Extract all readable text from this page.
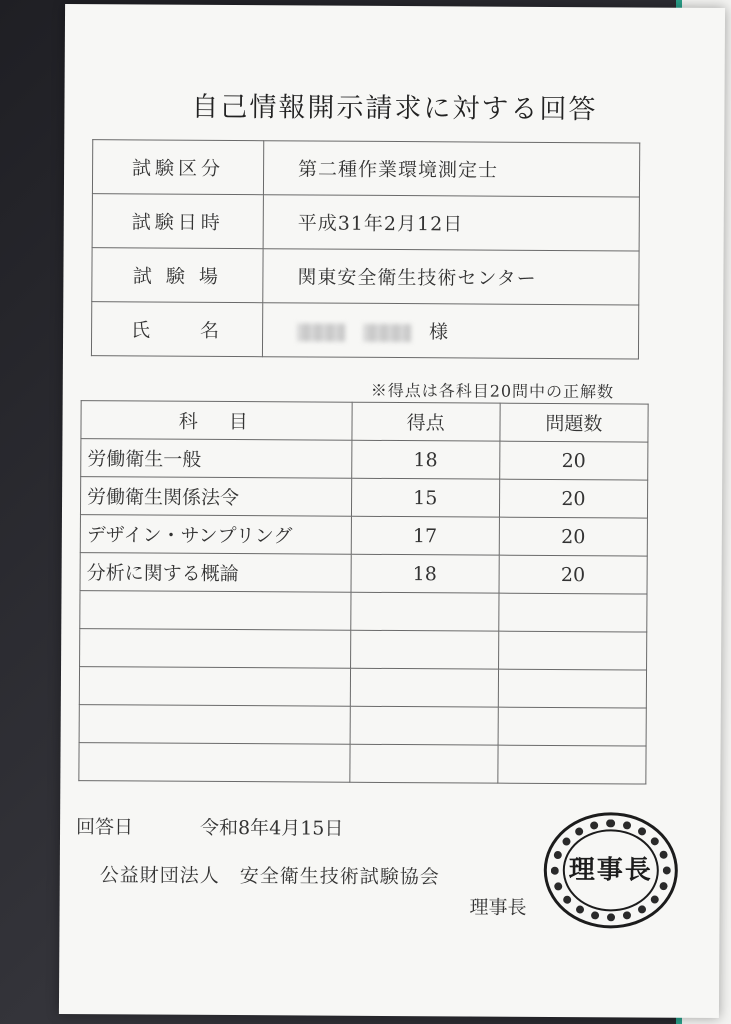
自己情報開示請求に対する回答
試験区分	第二種作業環境測定士
試験日時	平成31年2月12日
試 験 場	関東安全衛生技術センター
氏　　名	様
※得点は各科目20問中の正解数
科　目	得点	問題数
労働衛生一般	18	20
労働衛生関係法令	15	20
デザイン・サンプリング	17	20
分析に関する概論	18	20

回答日	令和8年4月15日
公益財団法人　安全衛生技術試験協会
理事長
理事長
